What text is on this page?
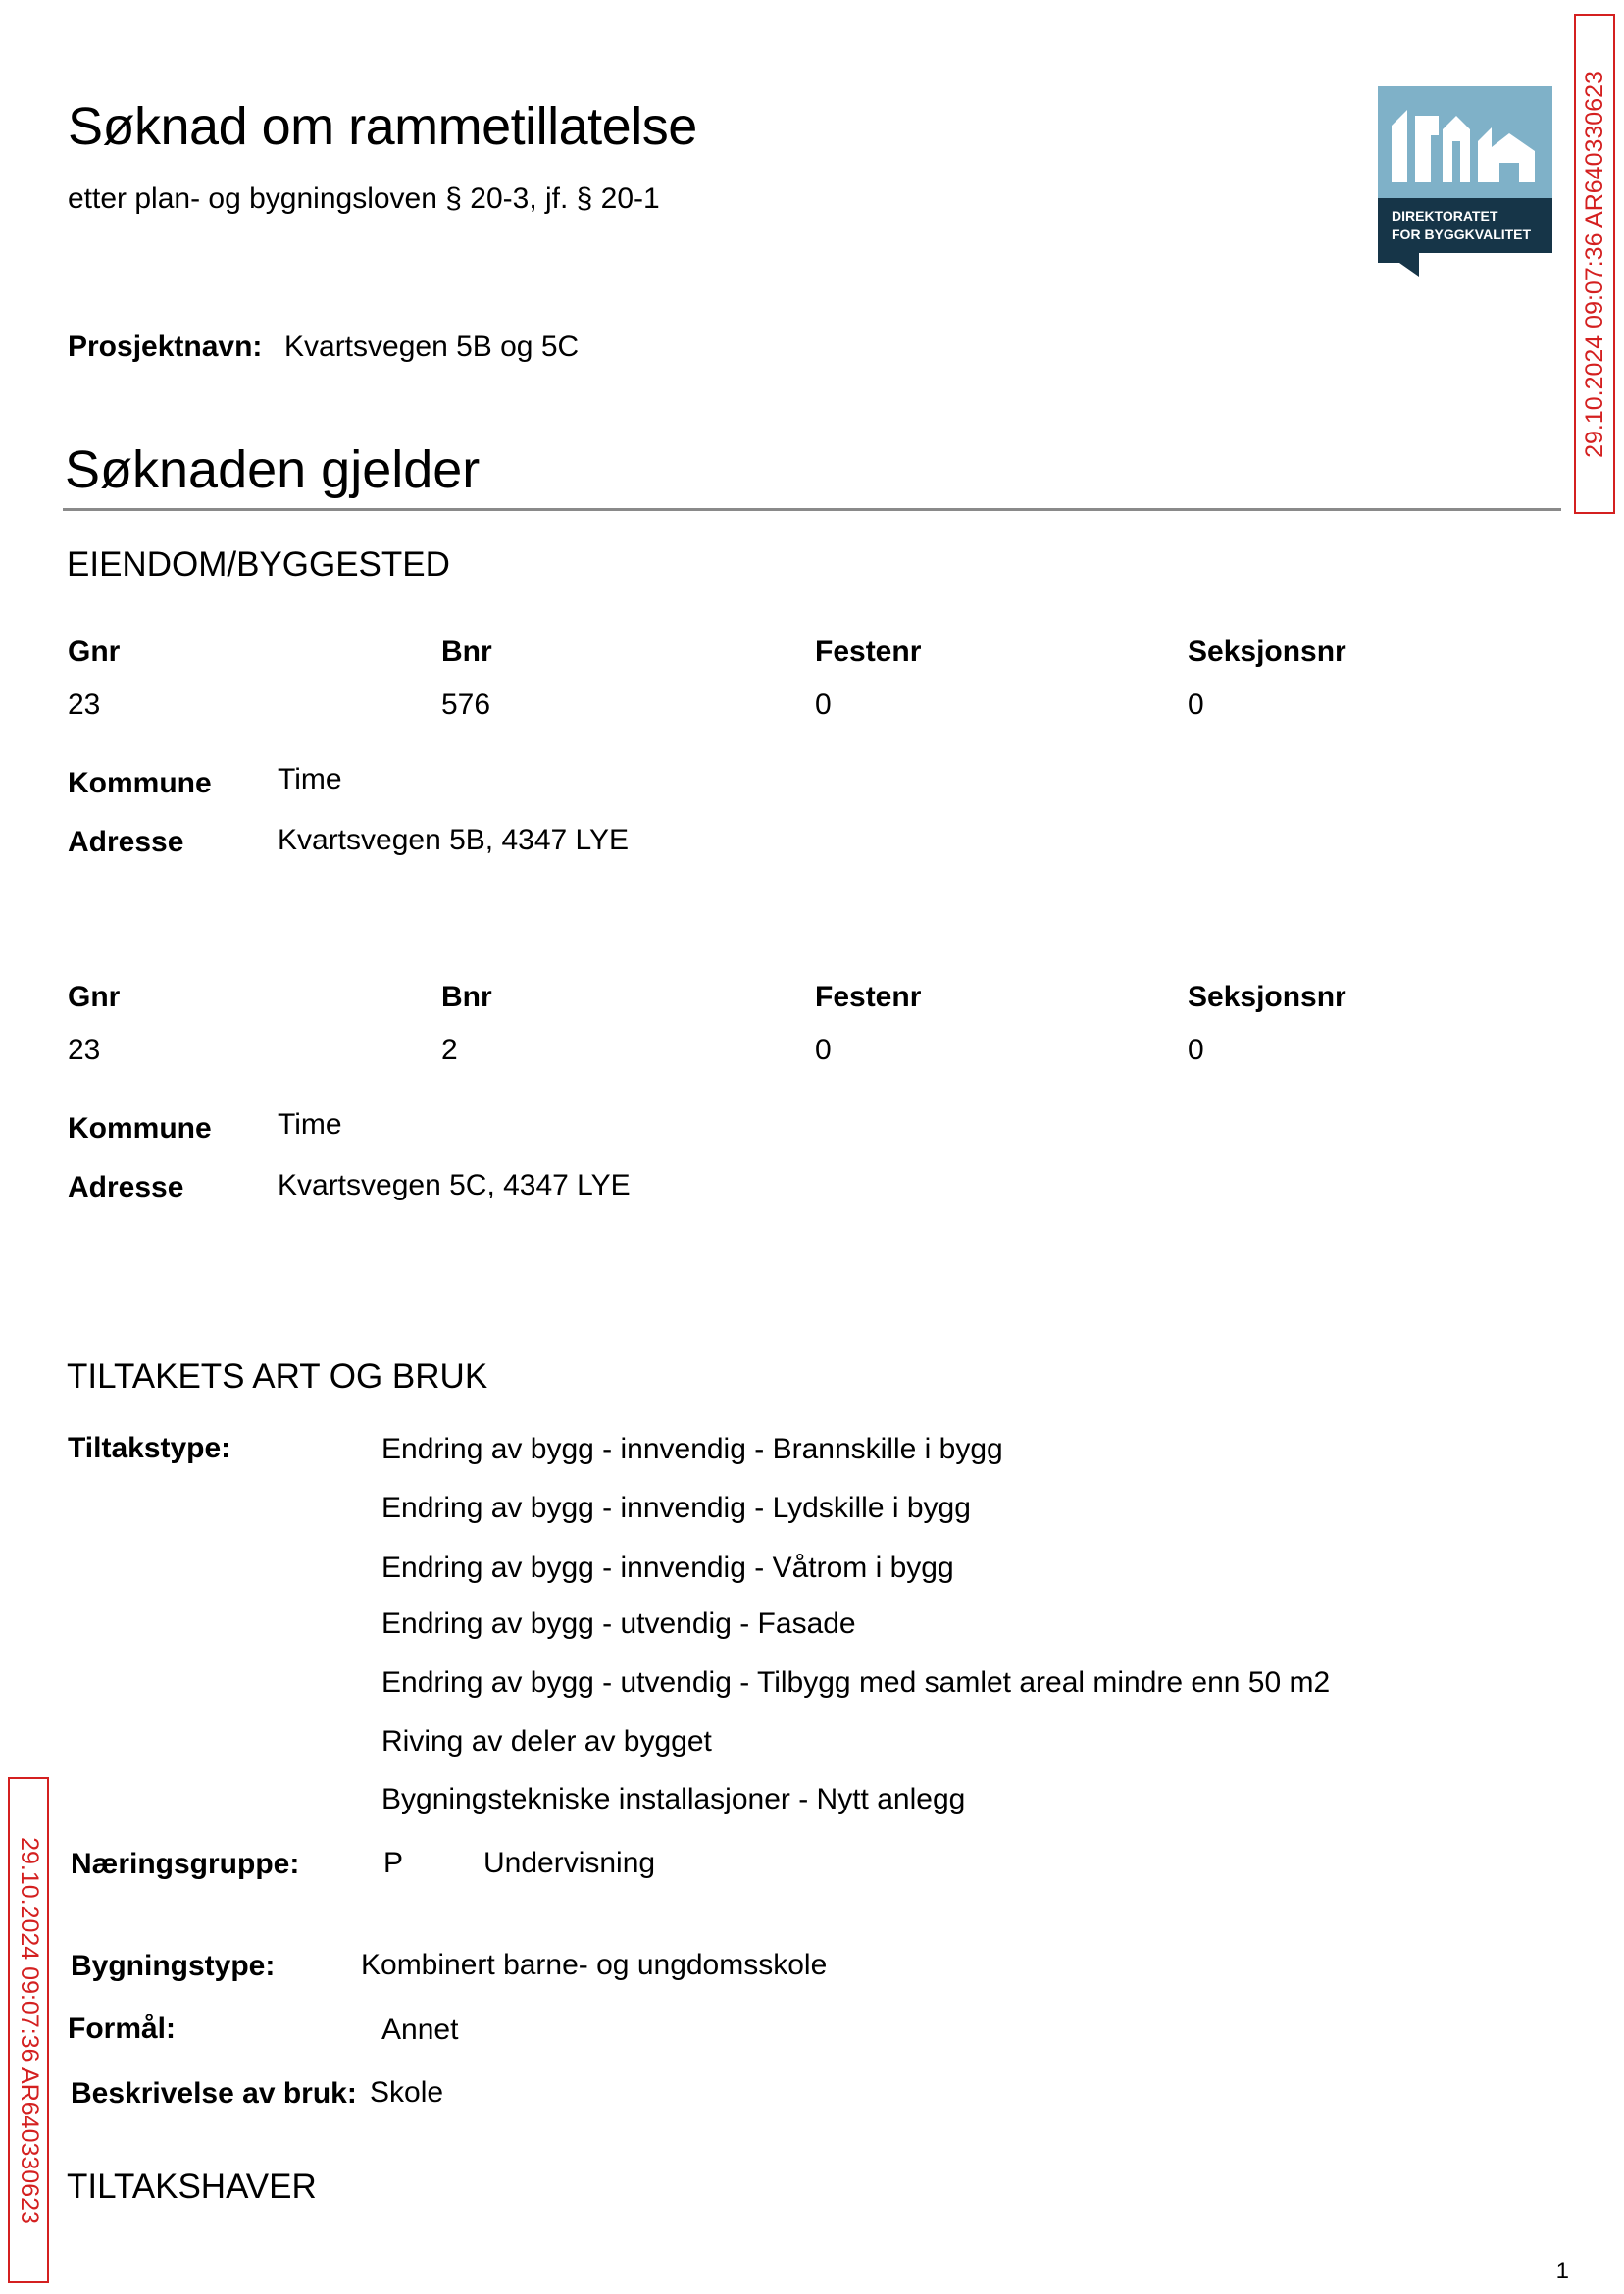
Søknad om rammetillatelse
etter plan- og bygningsloven § 20-3, jf. § 20-1
DIREKTORATET
FOR BYGGKVALITET 29.10.2024 09:07:36 AR640330623
Prosjektnavn: Kvartsvegen 5B og 5C
Søknaden gjelder
EIENDOM/BYGGESTED
Gnr	Bnr	Festenr	Seksjonsnr
23	576	0	0
Kommune Time
Adresse	Kvartsvegen 5B, 4347 LYE
Gnr	Bnr	Festenr	Seksjonsnr
23	2	0	0
Kommune Time
Adresse	Kvartsvegen 5C, 4347 LYE
TILTAKETS ART OG BRUK
Tiltakstype:	Endring av bygg - innvendig - Brannskille i bygg
Endring av bygg - innvendig - Lydskille i bygg
Endring av bygg - innvendig - Våtrom i bygg
Endring av bygg - utvendig - Fasade
Endring av bygg - utvendig - Tilbygg med samlet areal mindre enn 50 m2
Riving av deler av bygget
Bygningstekniske installasjoner - Nytt anlegg
Næringsgruppe:	P	Undervisning
Bygningstype:	Kombinert barne- og ungdomsskole
Formål:	Annet
Beskrivelse av bruk: Skole
TILTAKSHAVER
29.10.2024 09:07:36 AR640330623
1
